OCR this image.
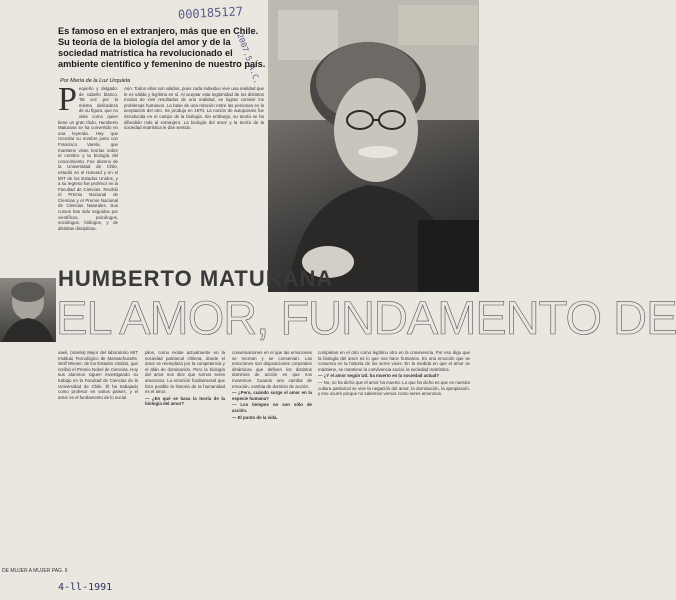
000185127
2007.5.A.C.
Es famoso en el extranjero, más que en Chile. Su teoría de la biología del amor y de la sociedad matrística ha revolucionado el ambiente científico y femenino de nuestro país.
Por María de la Luz Urquieta

Pequeño y delgado, de cabello blanco. Tal vez por la misma delicadeza de su figura, que no viste como quien tiene un gran título, Humberto Maturana se ha convertido en una leyenda. Hay que recordar su nombre junto con Francisco Varela, que mantiene vivas teorías sobre el cerebro y la biología del conocimiento. Fue alumno de la Universidad de Chile, estudió en el Harvard y en el MIT de los Estados Unidos, y a su regreso fue profesor en la Facultad de Ciencias. Recibió el Premio Nacional de Ciencias y el Premio Nacional de Ciencias Naturales. Sus cursos han sido seguidos por científicos, psicólogos, sociólogos, biólogos, y de distintas disciplinas.

Aún. Todos ellos son válidos, pues cada individuo vive una realidad que le es válida y legítima en sí. Al aceptar esta legitimidad de los distintos modos de vivir resultados de una realidad, se logran convivir los problemas humanos. La base de una relación entre las personas es la aceptación del otro. Se produjo en 1970. La noción de autopoiesis fue introducida en el campo de la biología. Sin embargo, su teoría se ha difundido más al extranjero. La biología del amor y la teoría de la sociedad matrística le dan sentido.

HUMBERTO MATURANA
EL AMOR, FUNDAMENTO DE

vaeli, (Varela) Mejor del laboratorio MIT Instituto Tecnológico de Massachusetts, Wolf Wiener, de los Estados Unidos, que recibió el Premio Nobel de Ciencias. Hoy sus alumnos siguen investigando su trabajo en la Facultad de Ciencias de la Universidad de Chile. Él ha trabajado como profesor en varios países, y el amor es el fundamento de lo social.

plios, como existe actualmente en la sociedad patriarcal chilena, donde el amor se reemplaza por la competencia y el afán de dominación. Pero la biología del amor nos dice que somos seres amorosos. La emoción fundamental que hizo posible la historia de la humanidad es el amor.

— ¿En qué se basa la teoría de la biología del amor?

conversaciones en el que las emociones se recrean y se conservan. Las emociones son disposiciones corporales dinámicas que definen los distintos dominios de acción en que nos movemos. Cuando uno cambia de emoción, cambia de dominio de acción.

— ¿Pero, cuándo surge el amor en la especie humana?

— Los tiempos no son sólo de acción.

— El punto de la vida.

completan en el otro como legítimo otro en la convivencia. Por eso digo que la biología del amor es lo que nos hace humanos. Es una emoción que se conserva en la historia de los seres vivos. En la medida en que el amor se mantiene, se mantiene la convivencia social, la sociedad matrística.

— ¿Y el amor según Ud. ha muerto en la sociedad actual?

— No, no ha dicho que el amor ha muerto. Lo que ha dicho es que en nuestra cultura patriarcal se vive la negación del amor, la dominación, la apropiación, y eso ocurre porque no sabemos vernos como seres amorosos.

DE MUJER A MUJER PAG. 6
4-ll-1991
